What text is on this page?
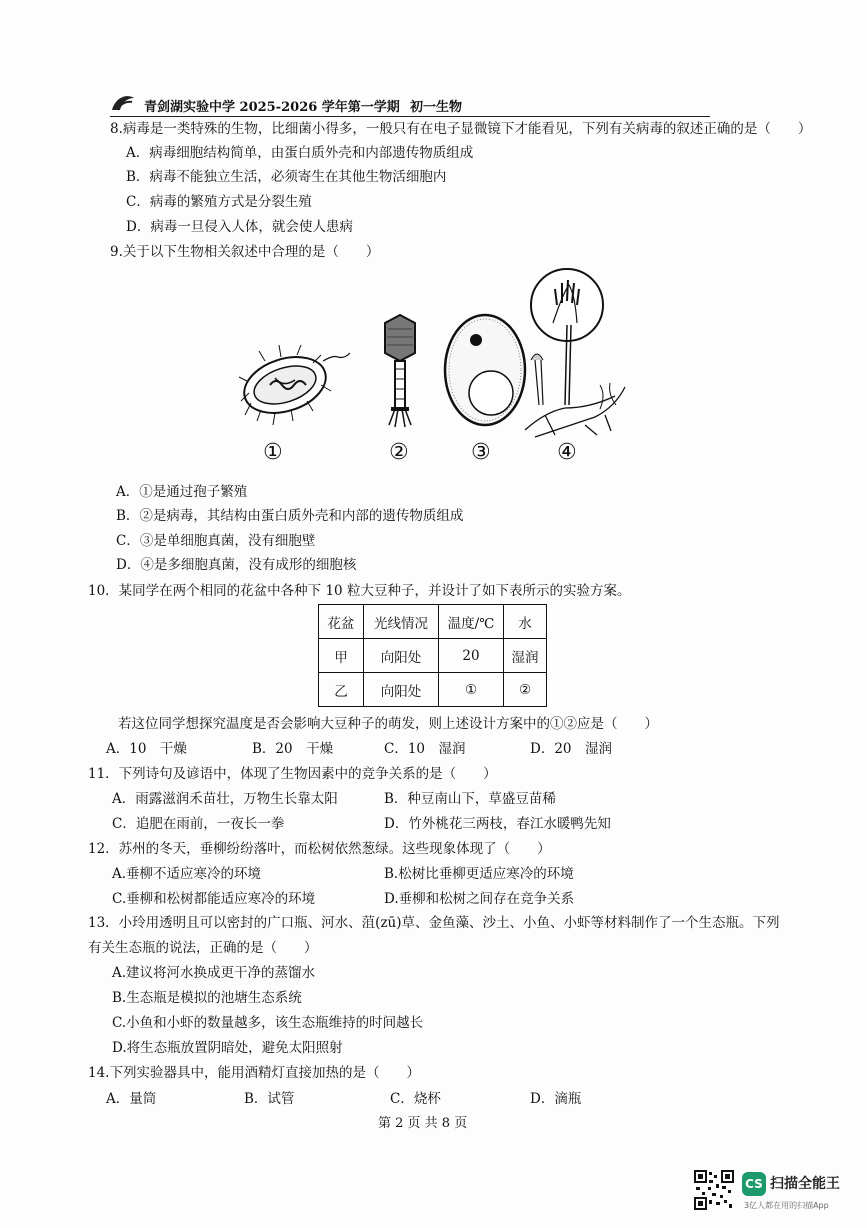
青剑湖实验中学 2025-2026 学年第一学期 初一生物
8.病毒是一类特殊的生物，比细菌小得多，一般只有在电子显微镜下才能看见，下列有关病毒的叙述正确的是（　　）
A．病毒细胞结构简单，由蛋白质外壳和内部遗传物质组成
B．病毒不能独立生活，必须寄生在其他生物活细胞内
C．病毒的繁殖方式是分裂生殖
D．病毒一旦侵入人体，就会使人患病
9.关于以下生物相关叙述中合理的是（　　）
①	②	③	④
A．①是通过孢子繁殖
B．②是病毒，其结构由蛋白质外壳和内部的遗传物质组成
C．③是单细胞真菌，没有细胞壁
D．④是多细胞真菌，没有成形的细胞核
10．某同学在两个相同的花盆中各种下 10 粒大豆种子，并设计了如下表所示的实验方案。
花盆	光线情况	温度/℃	水
甲	向阳处	20	湿润
乙	向阳处	①	②
若这位同学想探究温度是否会影响大豆种子的萌发，则上述设计方案中的①②应是（　　）
A．10　干燥	B．20　干燥	C．10　湿润	D．20　湿润
11．下列诗句及谚语中，体现了生物因素中的竞争关系的是（　　）
A．雨露滋润禾苗壮，万物生长靠太阳	B．种豆南山下，草盛豆苗稀
C．追肥在雨前，一夜长一拳	D．竹外桃花三两枝，春江水暖鸭先知
12．苏州的冬天，垂柳纷纷落叶，而松树依然葱绿。这些现象体现了（　　）
A.垂柳不适应寒冷的环境	B.松树比垂柳更适应寒冷的环境
C.垂柳和松树都能适应寒冷的环境	D.垂柳和松树之间存在竞争关系
13．小玲用透明且可以密封的广口瓶、河水、菹(zū)草、金鱼藻、沙土、小鱼、小虾等材料制作了一个生态瓶。下列
有关生态瓶的说法，正确的是（　　）
A.建议将河水换成更干净的蒸馏水
B.生态瓶是模拟的池塘生态系统
C.小鱼和小虾的数量越多，该生态瓶维持的时间越长
D.将生态瓶放置阴暗处，避免太阳照射
14.下列实验器具中，能用酒精灯直接加热的是（　　）
A．量筒	B．试管	C．烧杯	D．滴瓶
第 2 页 共 8 页
CS 扫描全能王
3亿人都在用的扫描App
